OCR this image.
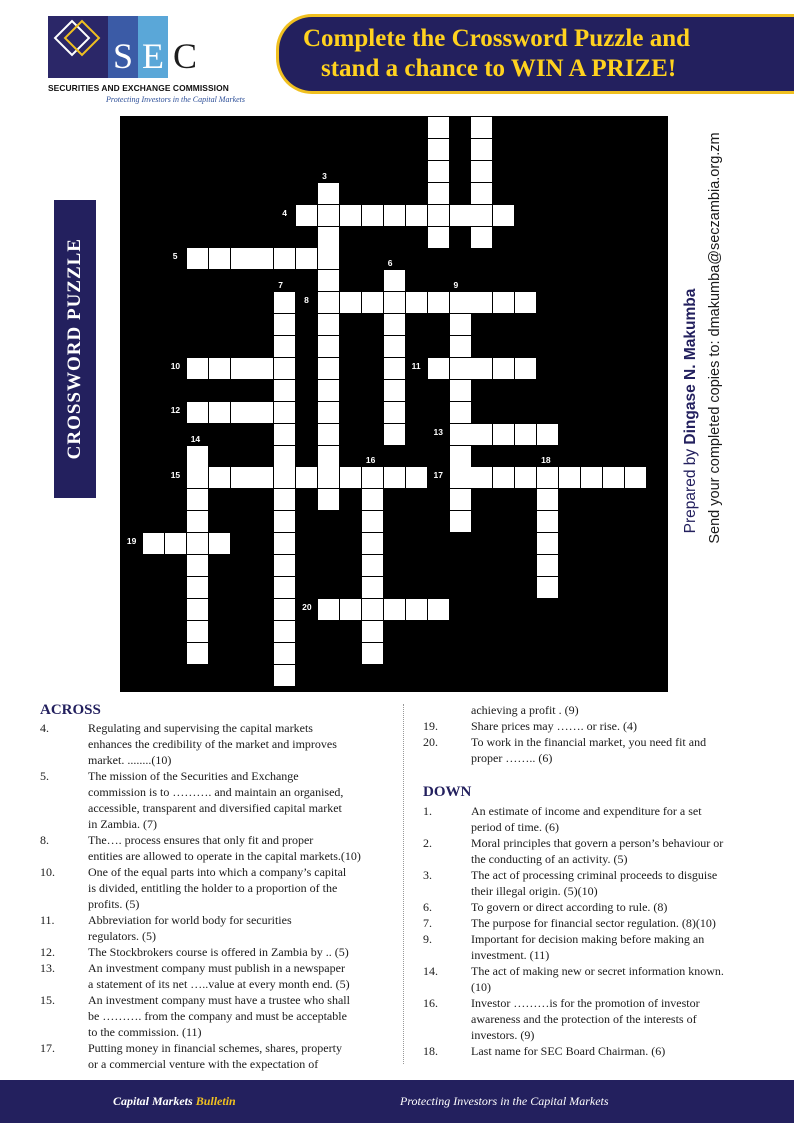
S E C
SECURITIES AND EXCHANGE COMMISSION
Protecting Investors in the Capital Markets
Complete the Crossword Puzzle and
stand a chance to WIN A PRIZE!
CROSSWORD PUZZLE
1	2
3
4
5
6
7
8
9
10	11
12
13
14
15
16
17
18
19
20
Prepared by Dingase N. Makumba Send your completed copies to: dmakumba@seczambia.org.zm
ACROSS
4.	Regulating and supervising the capital markets
enhances the credibility of the market and improves
market. ........(10)
5.	The mission of the Securities and Exchange
commission is to ………. and maintain an organised,
accessible, transparent and diversified capital market
in Zambia. (7)
8.	The…. process ensures that only fit and proper
entities are allowed to operate in the capital markets.(10)
10.	One of the equal parts into which a company’s capital
is divided, entitling the holder to a proportion of the
profits. (5)
11.	Abbreviation for world body for securities
regulators. (5)
12.	The Stockbrokers course is offered in Zambia by .. (5)
13.	An investment company must publish in a newspaper
a statement of its net …..value at every month end. (5)
15.	An investment company must have a trustee who shall
be ………. from the company and must be acceptable
to the commission. (11)
17.	Putting money in financial schemes, shares, property
or a commercial venture with the expectation of
achieving a profit . (9)
19.	Share prices may ……. or rise. (4)
20.	To work in the financial market, you need fit and
proper …….. (6)
DOWN
1.	An estimate of income and expenditure for a set
period of time. (6)
2.	Moral principles that govern a person’s behaviour or
the conducting of an activity. (5)
3.	The act of processing criminal proceeds to disguise
their illegal origin. (5)(10)
6.	To govern or direct according to rule. (8)
7.	The purpose for financial sector regulation. (8)(10)
9.	Important for decision making before making an
investment. (11)
14.	The act of making new or secret information known.
(10)
16.	Investor ………is for the promotion of investor
awareness and the protection of the interests of
investors. (9)
18.	Last name for SEC Board Chairman. (6)
Capital Markets Bulletin	Protecting Investors in the Capital Markets
